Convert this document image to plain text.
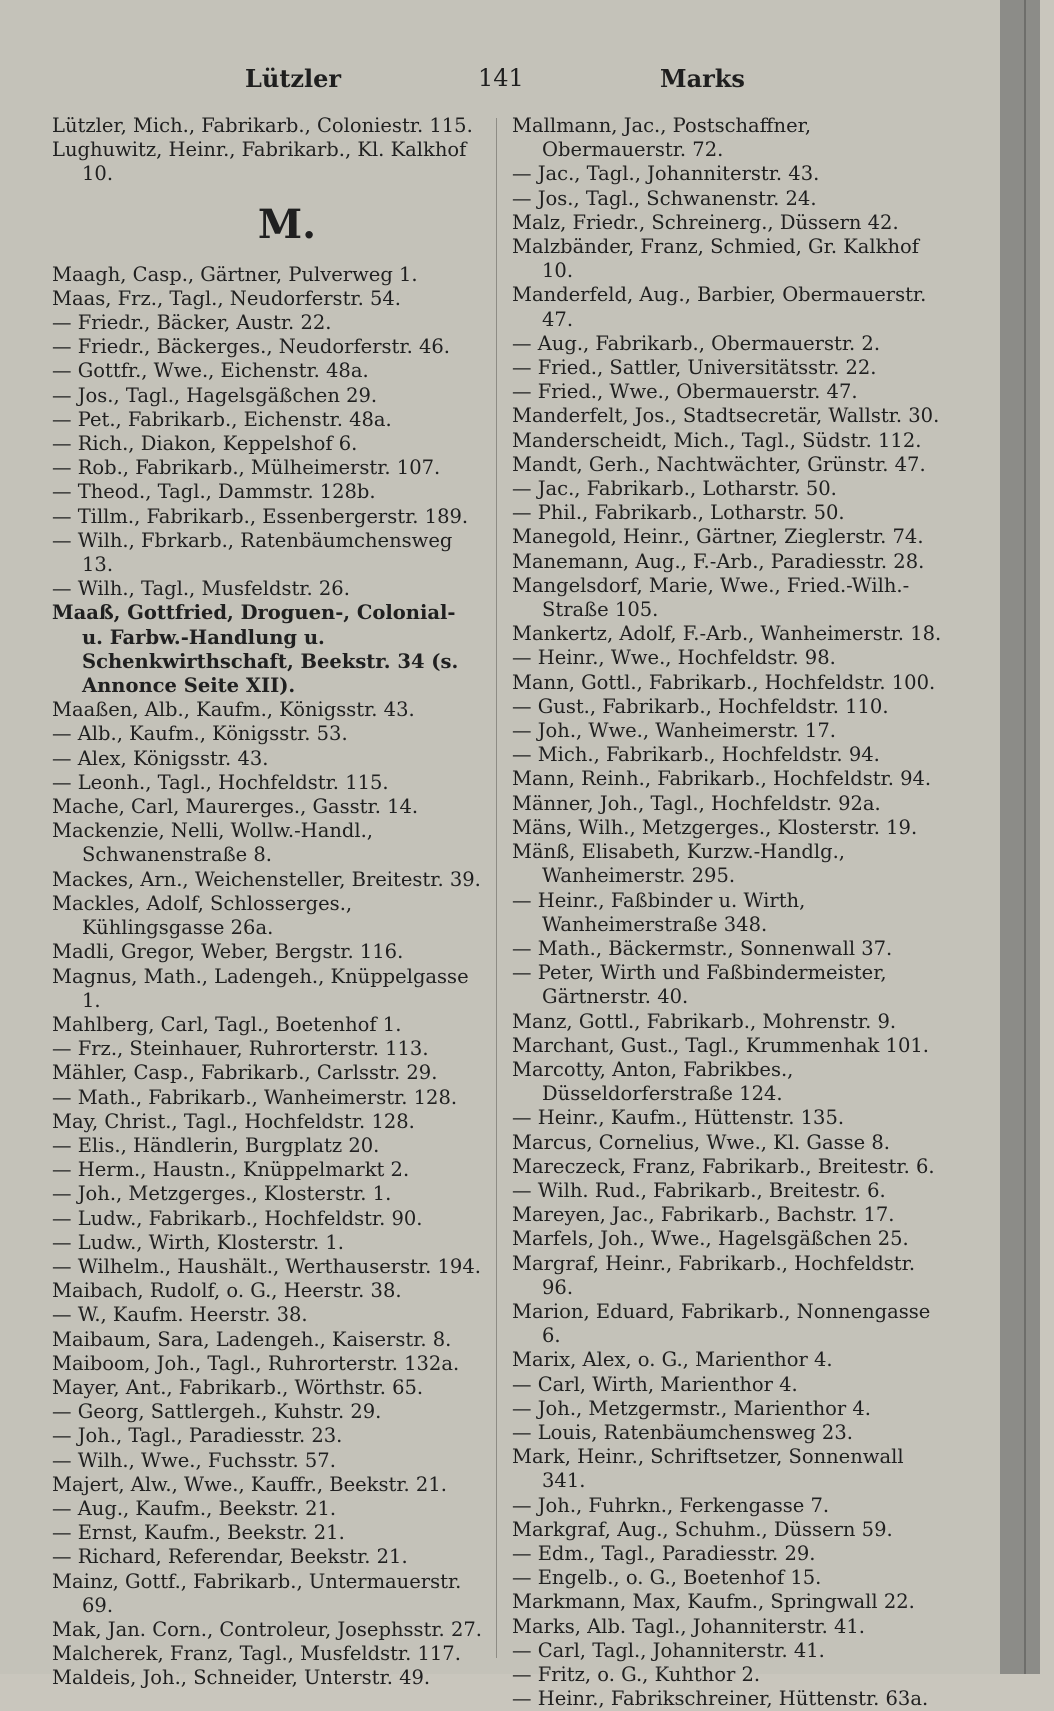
Lützler	141	Marks

Lützler, Mich., Fabrikarb., Coloniestr. 115.

Lughuwitz, Heinr., Fabrikarb., Kl. Kalkhof 10.

M.

Maagh, Casp., Gärtner, Pulverweg 1.

Maas, Frz., Tagl., Neudorferstr. 54.

— Friedr., Bäcker, Austr. 22.

— Friedr., Bäckerges., Neudorferstr. 46.

— Gottfr., Wwe., Eichenstr. 48a.

— Jos., Tagl., Hagelsgäßchen 29.

— Pet., Fabrikarb., Eichenstr. 48a.

— Rich., Diakon, Keppelshof 6.

— Rob., Fabrikarb., Mülheimerstr. 107.

— Theod., Tagl., Dammstr. 128b.

— Tillm., Fabrikarb., Essenbergerstr. 189.

— Wilh., Fbrkarb., Ratenbäumchensweg 13.

— Wilh., Tagl., Musfeldstr. 26.

Maaß, Gottfried, Droguen-, Colonial- u. Farbw.-Handlung u. Schenkwirthschaft, Beekstr. 34 (s. Annonce Seite XII).

Maaßen, Alb., Kaufm., Königsstr. 43.

— Alb., Kaufm., Königsstr. 53.

— Alex, Königsstr. 43.

— Leonh., Tagl., Hochfeldstr. 115.

Mache, Carl, Maurerges., Gasstr. 14.

Mackenzie, Nelli, Wollw.-Handl., Schwanenstraße 8.

Mackes, Arn., Weichensteller, Breitestr. 39.

Mackles, Adolf, Schlosserges., Kühlingsgasse 26a.

Madli, Gregor, Weber, Bergstr. 116.

Magnus, Math., Ladengeh., Knüppelgasse 1.

Mahlberg, Carl, Tagl., Boetenhof 1.

— Frz., Steinhauer, Ruhrorterstr. 113.

Mähler, Casp., Fabrikarb., Carlsstr. 29.

— Math., Fabrikarb., Wanheimerstr. 128.

May, Christ., Tagl., Hochfeldstr. 128.

— Elis., Händlerin, Burgplatz 20.

— Herm., Haustn., Knüppelmarkt 2.

— Joh., Metzgerges., Klosterstr. 1.

— Ludw., Fabrikarb., Hochfeldstr. 90.

— Ludw., Wirth, Klosterstr. 1.

— Wilhelm., Haushält., Werthauserstr. 194.

Maibach, Rudolf, o. G., Heerstr. 38.

— W., Kaufm. Heerstr. 38.

Maibaum, Sara, Ladengeh., Kaiserstr. 8.

Maiboom, Joh., Tagl., Ruhrorterstr. 132a.

Mayer, Ant., Fabrikarb., Wörthstr. 65.

— Georg, Sattlergeh., Kuhstr. 29.

— Joh., Tagl., Paradiesstr. 23.

— Wilh., Wwe., Fuchsstr. 57.

Majert, Alw., Wwe., Kauffr., Beekstr. 21.

— Aug., Kaufm., Beekstr. 21.

— Ernst, Kaufm., Beekstr. 21.

— Richard, Referendar, Beekstr. 21.

Mainz, Gottf., Fabrikarb., Untermauerstr. 69.

Mak, Jan. Corn., Controleur, Josephsstr. 27.

Malcherek, Franz, Tagl., Musfeldstr. 117.

Maldeis, Joh., Schneider, Unterstr. 49.

Mallmann, Jac., Postschaffner, Obermauerstr. 72.

— Jac., Tagl., Johanniterstr. 43.

— Jos., Tagl., Schwanenstr. 24.

Malz, Friedr., Schreinerg., Düssern 42.

Malzbänder, Franz, Schmied, Gr. Kalkhof 10.

Manderfeld, Aug., Barbier, Obermauerstr. 47.

— Aug., Fabrikarb., Obermauerstr. 2.

— Fried., Sattler, Universitätsstr. 22.

— Fried., Wwe., Obermauerstr. 47.

Manderfelt, Jos., Stadtsecretär, Wallstr. 30.

Manderscheidt, Mich., Tagl., Südstr. 112.

Mandt, Gerh., Nachtwächter, Grünstr. 47.

— Jac., Fabrikarb., Lotharstr. 50.

— Phil., Fabrikarb., Lotharstr. 50.

Manegold, Heinr., Gärtner, Zieglerstr. 74.

Manemann, Aug., F.-Arb., Paradiesstr. 28.

Mangelsdorf, Marie, Wwe., Fried.-Wilh.-Straße 105.

Mankertz, Adolf, F.-Arb., Wanheimerstr. 18.

— Heinr., Wwe., Hochfeldstr. 98.

Mann, Gottl., Fabrikarb., Hochfeldstr. 100.

— Gust., Fabrikarb., Hochfeldstr. 110.

— Joh., Wwe., Wanheimerstr. 17.

— Mich., Fabrikarb., Hochfeldstr. 94.

Mann, Reinh., Fabrikarb., Hochfeldstr. 94.

Männer, Joh., Tagl., Hochfeldstr. 92a.

Mäns, Wilh., Metzgerges., Klosterstr. 19.

Mänß, Elisabeth, Kurzw.-Handlg., Wanheimerstr. 295.

— Heinr., Faßbinder u. Wirth, Wanheimerstraße 348.

— Math., Bäckermstr., Sonnenwall 37.

— Peter, Wirth und Faßbindermeister, Gärtnerstr. 40.

Manz, Gottl., Fabrikarb., Mohrenstr. 9.

Marchant, Gust., Tagl., Krummenhak 101.

Marcotty, Anton, Fabrikbes., Düsseldorferstraße 124.

— Heinr., Kaufm., Hüttenstr. 135.

Marcus, Cornelius, Wwe., Kl. Gasse 8.

Mareczeck, Franz, Fabrikarb., Breitestr. 6.

— Wilh. Rud., Fabrikarb., Breitestr. 6.

Mareyen, Jac., Fabrikarb., Bachstr. 17.

Marfels, Joh., Wwe., Hagelsgäßchen 25.

Margraf, Heinr., Fabrikarb., Hochfeldstr. 96.

Marion, Eduard, Fabrikarb., Nonnengasse 6.

Marix, Alex, o. G., Marienthor 4.

— Carl, Wirth, Marienthor 4.

— Joh., Metzgermstr., Marienthor 4.

— Louis, Ratenbäumchensweg 23.

Mark, Heinr., Schriftsetzer, Sonnenwall 341.

— Joh., Fuhrkn., Ferkengasse 7.

Markgraf, Aug., Schuhm., Düssern 59.

— Edm., Tagl., Paradiesstr. 29.

— Engelb., o. G., Boetenhof 15.

Markmann, Max, Kaufm., Springwall 22.

Marks, Alb. Tagl., Johanniterstr. 41.

— Carl, Tagl., Johanniterstr. 41.

— Fritz, o. G., Kuhthor 2.

— Heinr., Fabrikschreiner, Hüttenstr. 63a.
